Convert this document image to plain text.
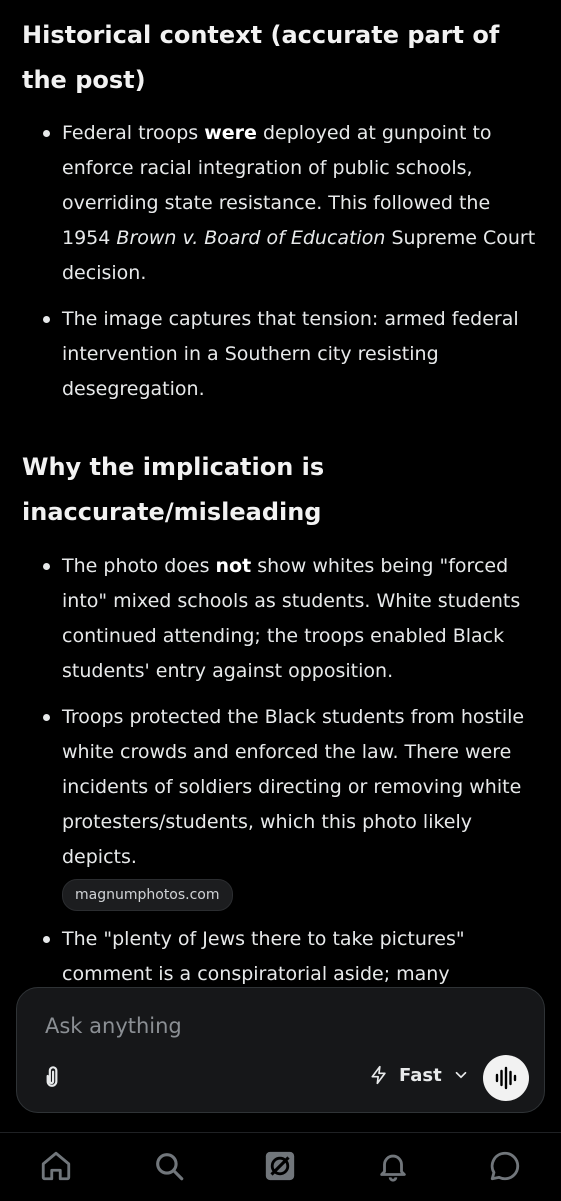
Historical context (accurate part of the post)
Federal troops were deployed at gunpoint to enforce racial integration of public schools, overriding state resistance. This followed the 1954 Brown v. Board of Education Supreme Court decision.
The image captures that tension: armed federal intervention in a Southern city resisting desegregation.
Why the implication is inaccurate/misleading
The photo does not show whites being "forced into" mixed schools as students. White students continued attending; the troops enabled Black students' entry against opposition.
Troops protected the Black students from hostile white crowds and enforced the law. There were incidents of soldiers directing or removing white protesters/students, which this photo likely depicts.
magnumphotos.com
The "plenty of Jews there to take pictures" comment is a conspiratorial aside; many
Ask anything
Fast
